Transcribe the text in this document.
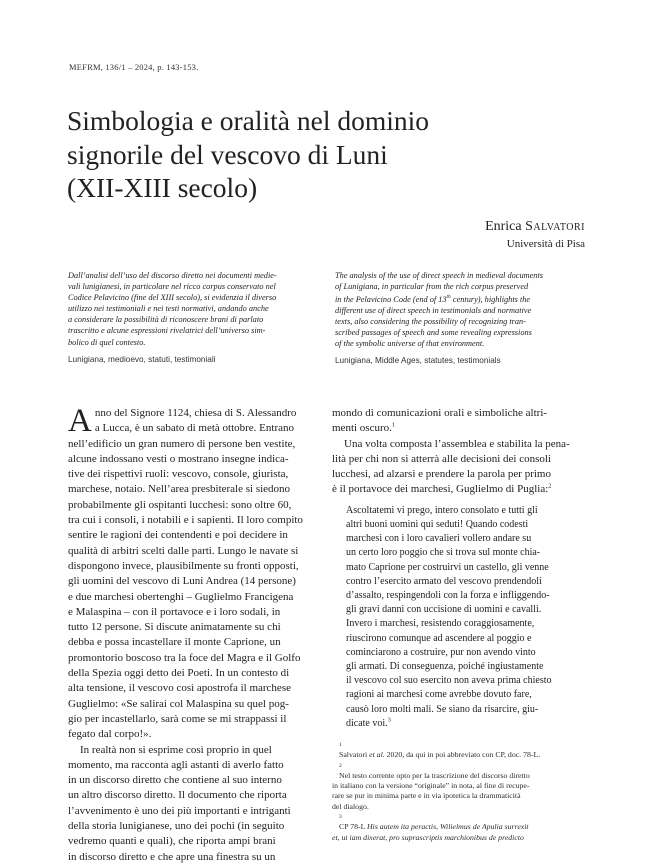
MEFRM, 136/1 – 2024, p. 143-153.
Simbologia e oralità nel dominio
signorile del vescovo di Luni
(XII-XIII secolo)
Enrica Salvatori
Università di Pisa

Dall’analisi dell’uso del discorso diretto nei documenti medie-
vali lunigianesi, in particolare nel ricco corpus conservato nel
Codice Pelavicino (fine del XIII secolo), si evidenzia il diverso
utilizzo nei testimoniali e nei testi normativi, andando anche
a considerare la possibilità di riconoscere brani di parlato
trascritto e alcune espressioni rivelatrici dell’universo sim-
bolico di quel contesto.

Lunigiana, medioevo, statuti, testimoniali

The analysis of the use of direct speech in medieval documents
of Lunigiana, in particular from the rich corpus preserved
in the Pelavicino Code (end of 13th century), highlights the
different use of direct speech in testimonials and normative
texts, also considering the possibility of recognizing tran-
scribed passages of speech and some revealing expressions
of the symbolic universe of that environment.

Lunigiana, Middle Ages, statutes, testimonials
A nno del Signore 1124, chiesa di S. Alessandro
a Lucca, è un sabato di metà ottobre. Entrano
nell’edificio un gran numero di persone ben vestite,
alcune indossano vesti o mostrano insegne indica-
tive dei rispettivi ruoli: vescovo, console, giurista,
marchese, notaio. Nell’area presbiterale si siedono
probabilmente gli ospitanti lucchesi: sono oltre 60,
tra cui i consoli, i notabili e i sapienti. Il loro compito
sentire le ragioni dei contendenti e poi decidere in
qualità di arbitri scelti dalle parti. Lungo le navate si
dispongono invece, plausibilmente su fronti opposti,
gli uomini del vescovo di Luni Andrea (14 persone)
e due marchesi obertenghi – Guglielmo Francigena
e Malaspina – con il portavoce e i loro sodali, in
tutto 12 persone. Si discute animatamente su chi
debba e possa incastellare il monte Caprione, un
promontorio boscoso tra la foce del Magra e il Golfo
della Spezia oggi detto dei Poeti. In un contesto di
alta tensione, il vescovo così apostrofa il marchese
Guglielmo: «Se salirai col Malaspina su quel pog-
gio per incastellarlo, sarà come se mi strappassi il
fegato dal corpo!».
In realtà non si esprime così proprio in quel
momento, ma racconta agli astanti di averlo fatto
in un discorso diretto che contiene al suo interno
un altro discorso diretto. Il documento che riporta
l’avvenimento è uno dei più importanti e intriganti
della storia lunigianese, uno dei pochi (in seguito
vedremo quanti e quali), che riporta ampi brani
in discorso diretto e che apre una finestra su un
mondo di comunicazioni orali e simboliche altri-
menti oscuro.$^1$
Una volta composta l’assemblea e stabilita la pena-
lità per chi non si atterrà alle decisioni dei consoli
lucchesi, ad alzarsi e prendere la parola per primo
è il portavoce dei marchesi, Guglielmo di Puglia:$^2$
Ascoltatemi vi prego, intero consolato e tutti gli
altri buoni uomini qui seduti! Quando codesti
marchesi con i loro cavalieri vollero andare su
un certo loro poggio che si trova sul monte chia-
mato Caprione per costruirvi un castello, gli venne
contro l’esercito armato del vescovo prendendoli
d’assalto, respingendoli con la forza e infliggendo-
gli gravi danni con uccisione di uomini e cavalli.
Invero i marchesi, resistendo coraggiosamente,
riuscirono comunque ad ascendere al poggio e
cominciarono a costruire, pur non avendo vinto
gli armati. Di conseguenza, poiché ingiustamente
il vescovo col suo esercito non aveva prima chiesto
ragioni ai marchesi come avrebbe dovuto fare,
causò loro molti mali. Se siano da risarcire, giu-
dicate voi.$^3$
1
Salvatori et al. 2020, da qui in poi abbreviato con CP, doc. 78-L.
2
Nel testo corrente opto per la trascrizione del discorso diretto
in italiano con la versione “originale” in nota, al fine di recupe-
rare se pur in minima parte e in via ipotetica la drammaticità
del dialogo.
3
CP 78-L His autem ita peractis, Wilielmus de Apulia surrexit
et, ut iam dixerat, pro suprascriptis marchionibus de predicto
